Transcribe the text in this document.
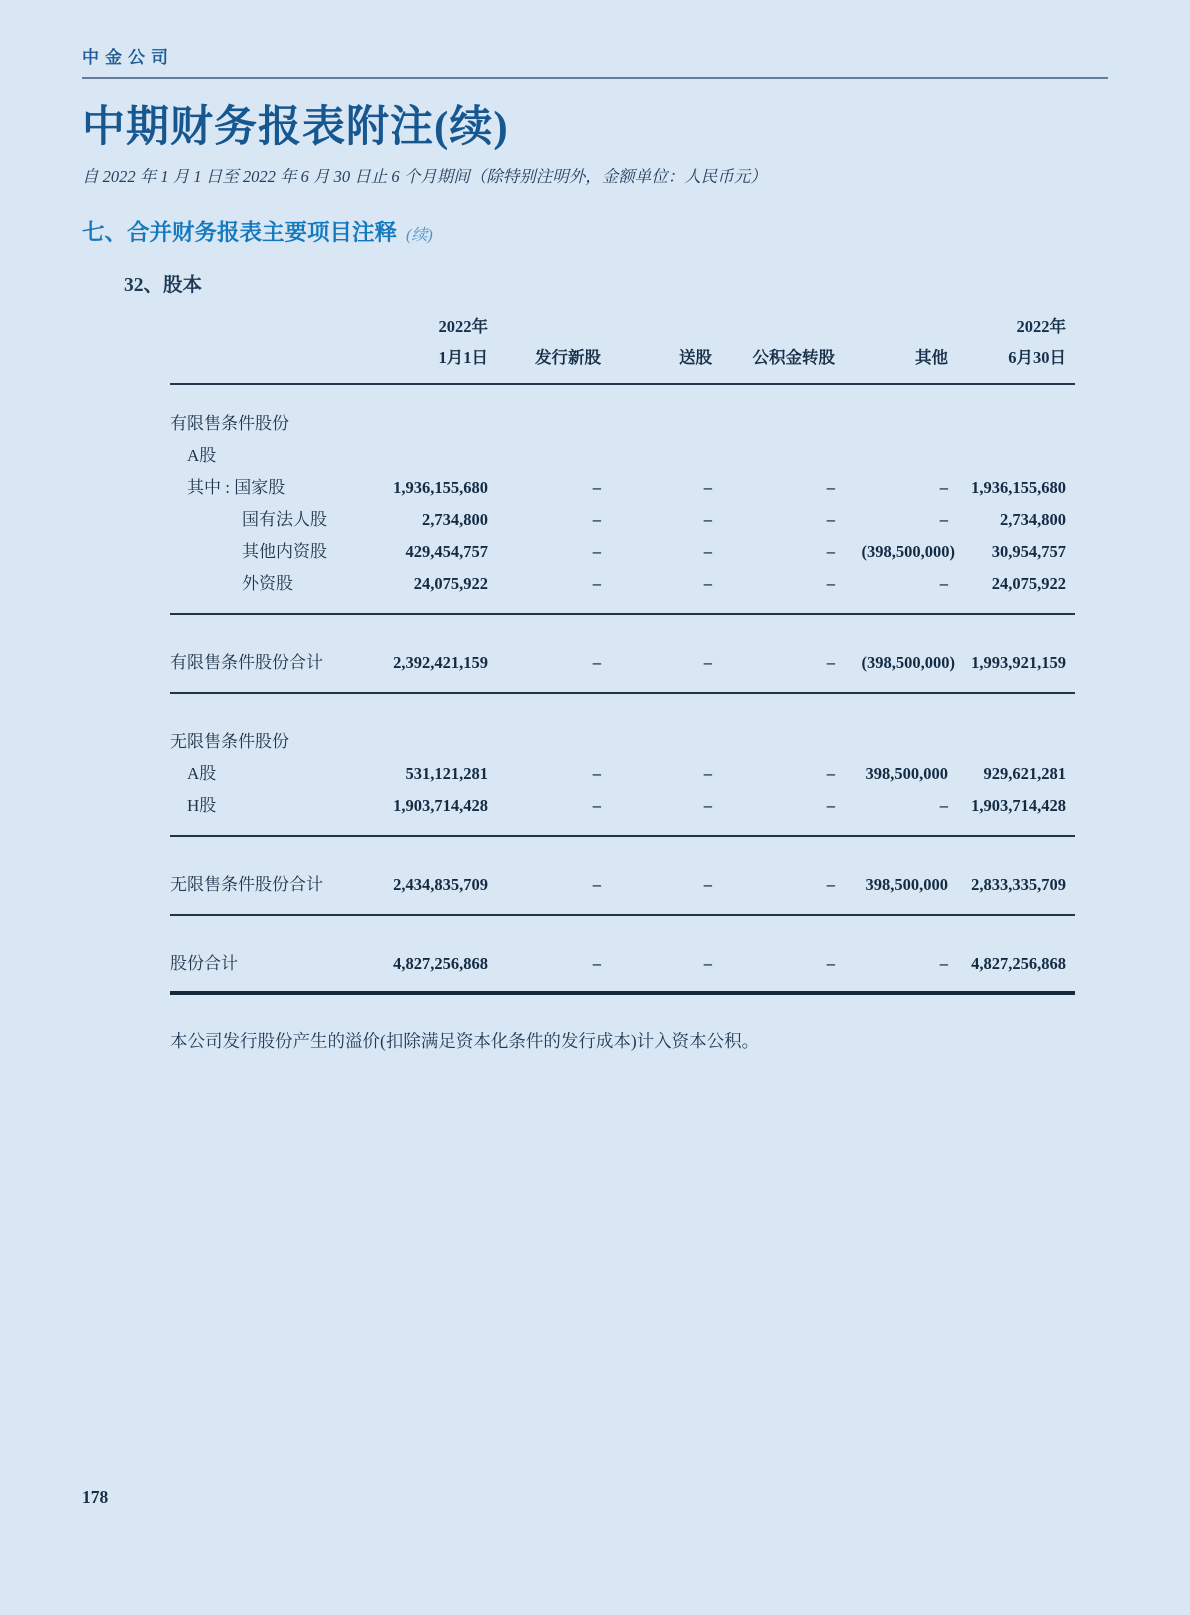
中金公司
中期财务报表附注(续)

自 2022 年 1 月 1 日至 2022 年 6 月 30 日止 6 个月期间（除特别注明外，金额单位：人民币元）

七、合并财务报表主要项目注释 (续)
32、股本
	2022年					2022年
	1月1日	发行新股	送股	公积金转股	其他	6月30日

有限售条件股份						
A股						
其中 : 国家股	1,936,155,680	–	–	–	–	1,936,155,680
国有法人股	2,734,800	–	–	–	–	2,734,800
其他内资股	429,454,757	–	–	–	(398,500,000)	30,954,757
外资股	24,075,922	–	–	–	–	24,075,922

有限售条件股份合计	2,392,421,159	–	–	–	(398,500,000)	1,993,921,159

无限售条件股份						
A股	531,121,281	–	–	–	398,500,000	929,621,281
H股	1,903,714,428	–	–	–	–	1,903,714,428

无限售条件股份合计	2,434,835,709	–	–	–	398,500,000	2,833,335,709

股份合计	4,827,256,868	–	–	–	–	4,827,256,868

本公司发行股份产生的溢价(扣除满足资本化条件的发行成本)计入资本公积。

178
